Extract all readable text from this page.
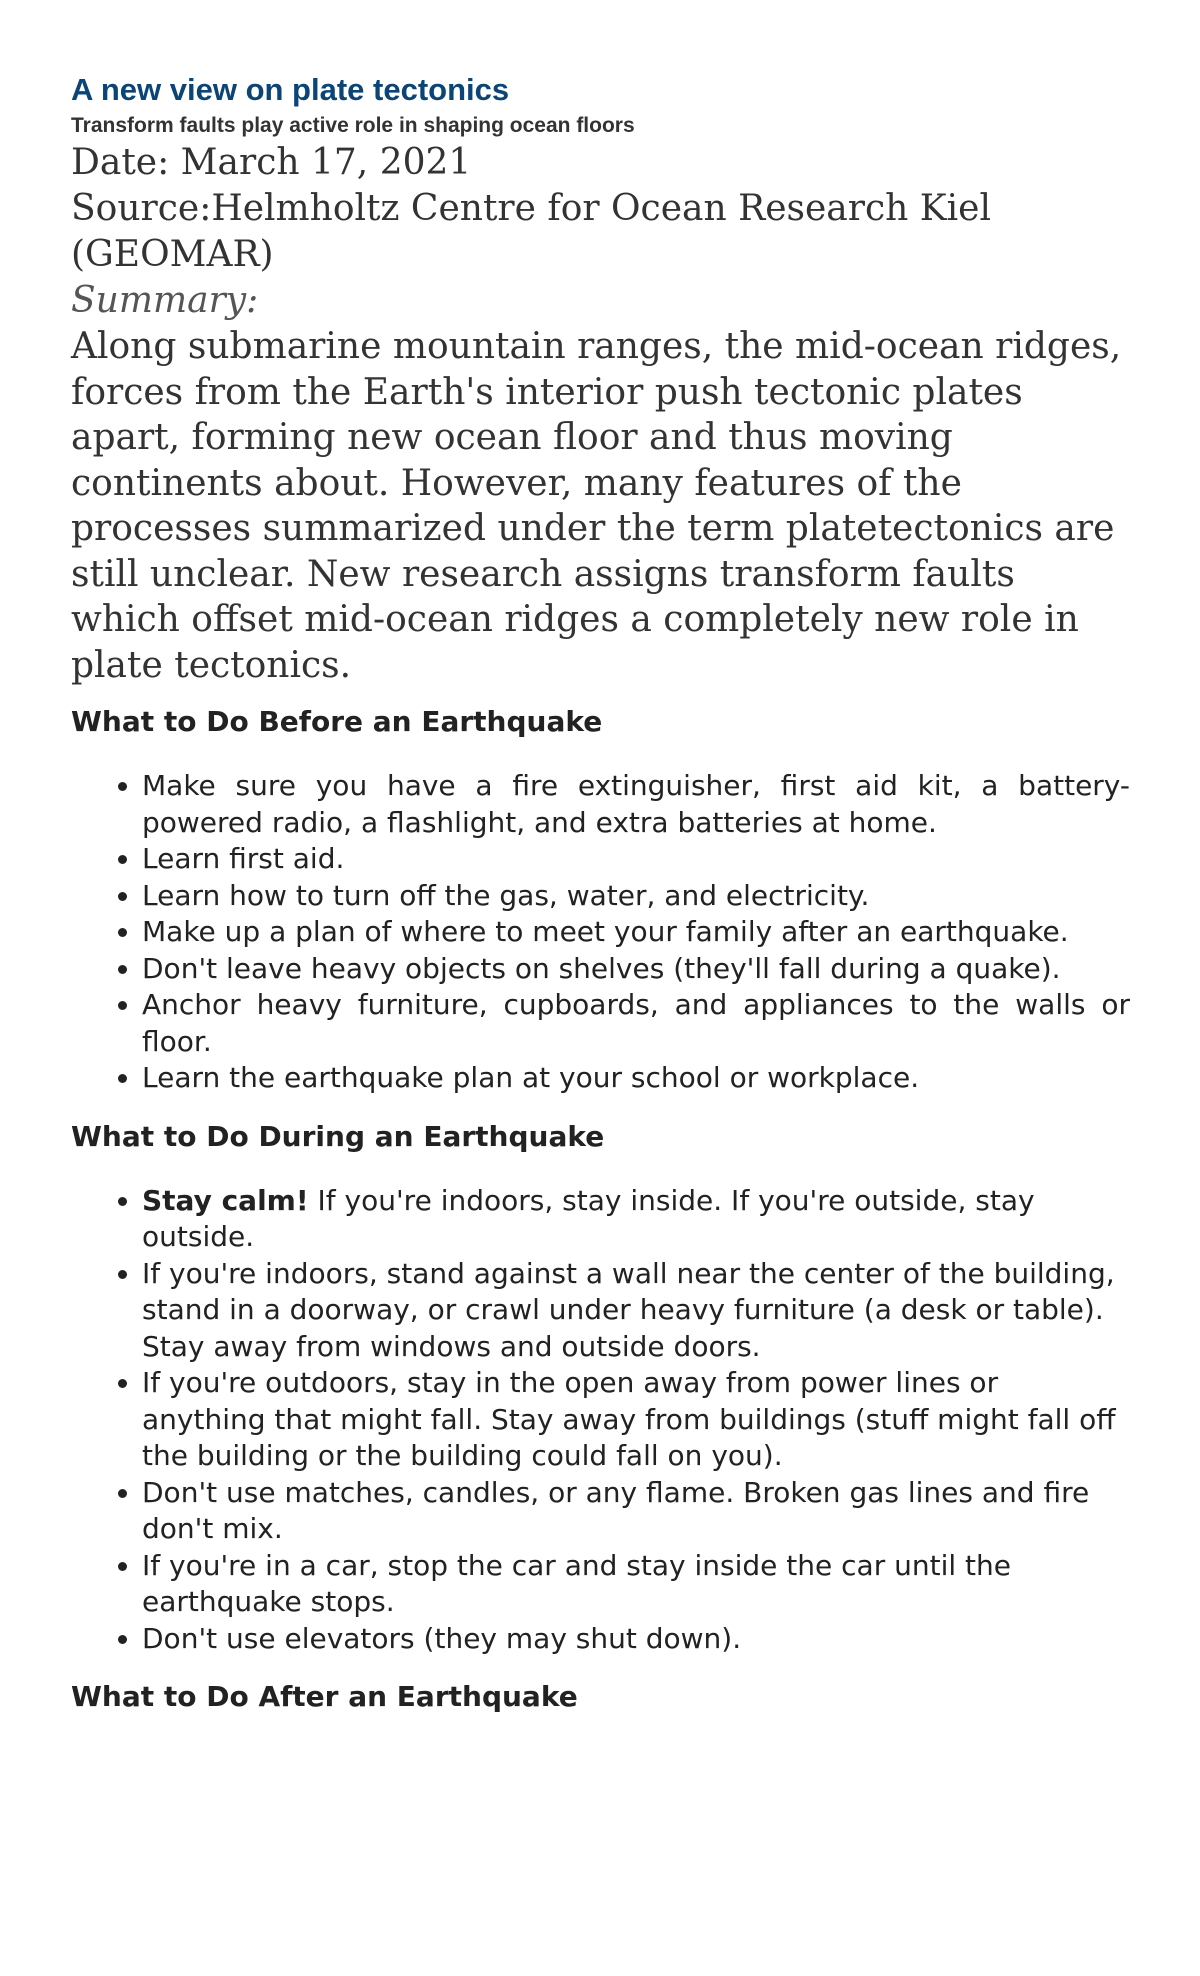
A new view on plate tectonics
Transform faults play active role in shaping ocean floors

Date: March 17, 2021

Source:Helmholtz Centre for Ocean Research Kiel (GEOMAR)

Summary:

Along submarine mountain ranges, the mid-ocean ridges, forces from the Earth's interior push tectonic plates apart, forming new ocean floor and thus moving continents about. However, many features of the processes summarized under the term platetectonics are still unclear. New research assigns transform faults which offset mid-ocean ridges a completely new role in plate tectonics.

What to Do Before an Earthquake
• Make sure you have a fire extinguisher, first aid kit, a battery-powered radio, a flashlight, and extra batteries at home.
• Learn first aid.
• Learn how to turn off the gas, water, and electricity.
• Make up a plan of where to meet your family after an earthquake.
• Don't leave heavy objects on shelves (they'll fall during a quake).
• Anchor heavy furniture, cupboards, and appliances to the walls or floor.
• Learn the earthquake plan at your school or workplace.
What to Do During an Earthquake
• Stay calm! If you're indoors, stay inside. If you're outside, stay outside.
• If you're indoors, stand against a wall near the center of the building, stand in a doorway, or crawl under heavy furniture (a desk or table). Stay away from windows and outside doors.
• If you're outdoors, stay in the open away from power lines or anything that might fall. Stay away from buildings (stuff might fall off the building or the building could fall on you).
• Don't use matches, candles, or any flame. Broken gas lines and fire don't mix.
• If you're in a car, stop the car and stay inside the car until the earthquake stops.
• Don't use elevators (they may shut down).
What to Do After an Earthquake
